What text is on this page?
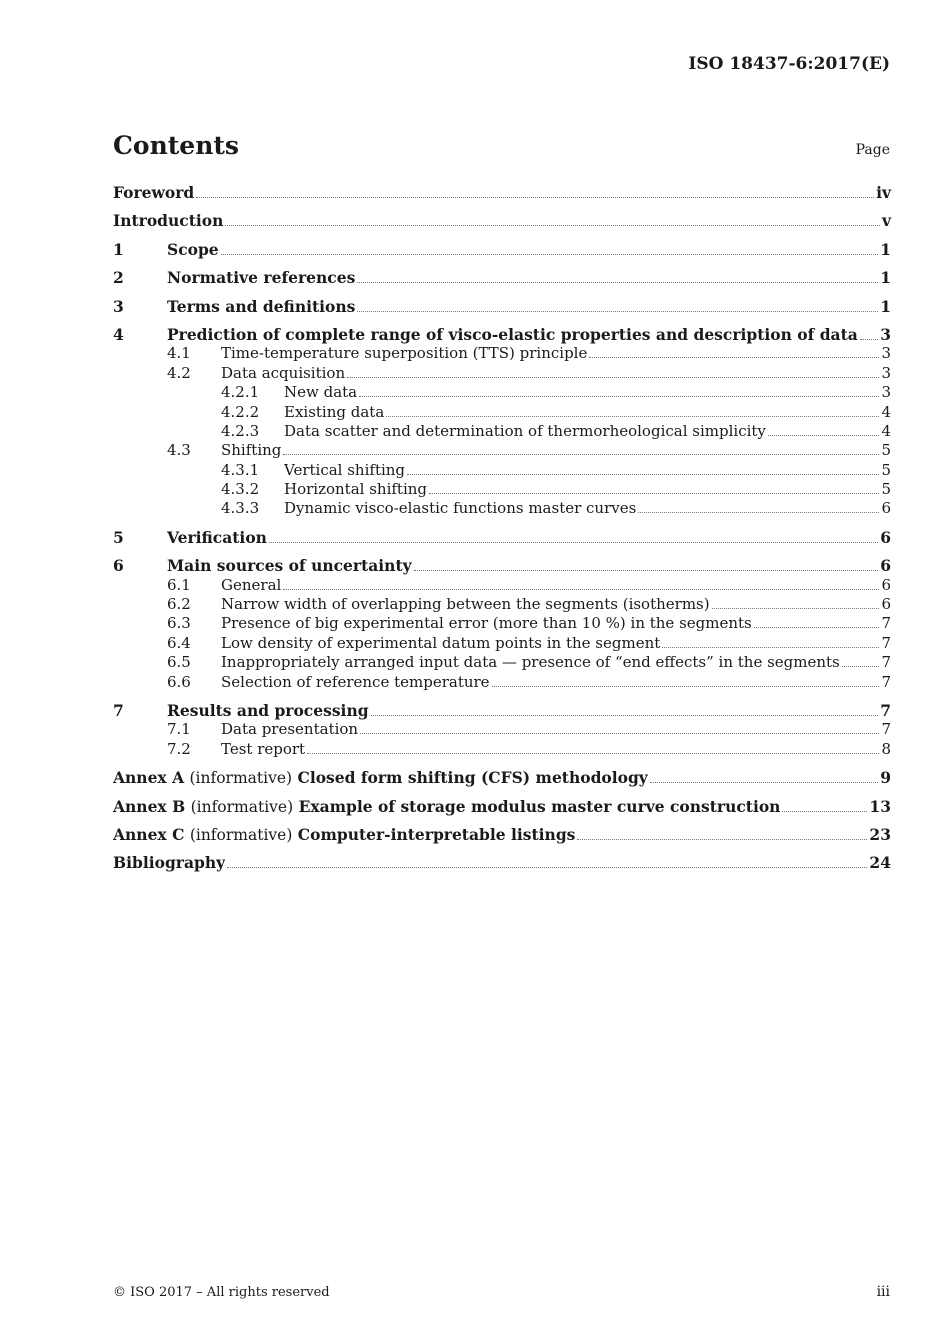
ISO 18437-6:2017(E)
Contents	Page
Foreword	iv
Introduction	v
1	Scope	1
2	Normative references	1
3	Terms and definitions	1
4	Prediction of complete range of visco-elastic properties and description of data 3
4.1	Time-temperature superposition (TTS) principle	3
4.2	Data acquisition	3
4.2.1	New data	3
4.2.2	Existing data	4
4.2.3	Data scatter and determination of thermorheological simplicity	4
4.3	Shifting	5
4.3.1	Vertical shifting	5
4.3.2	Horizontal shifting	5
4.3.3	Dynamic visco-elastic functions master curves	6
5	Verification	6
6	Main sources of uncertainty	6
6.1	General	6
6.2	Narrow width of overlapping between the segments (isotherms)	6
6.3	Presence of big experimental error (more than 10 %) in the segments	7
6.4	Low density of experimental datum points in the segment	7
6.5	Inappropriately arranged input data — presence of “end effects” in the segments	7
6.6	Selection of reference temperature	7
7	Results and processing	7
7.1	Data presentation	7
7.2	Test report	8
Annex A (informative) Closed form shifting (CFS) methodology	9
Annex B (informative) Example of storage modulus master curve construction	13
Annex C (informative) Computer-interpretable listings	23
Bibliography	24
© ISO 2017 – All rights reserved	iii
